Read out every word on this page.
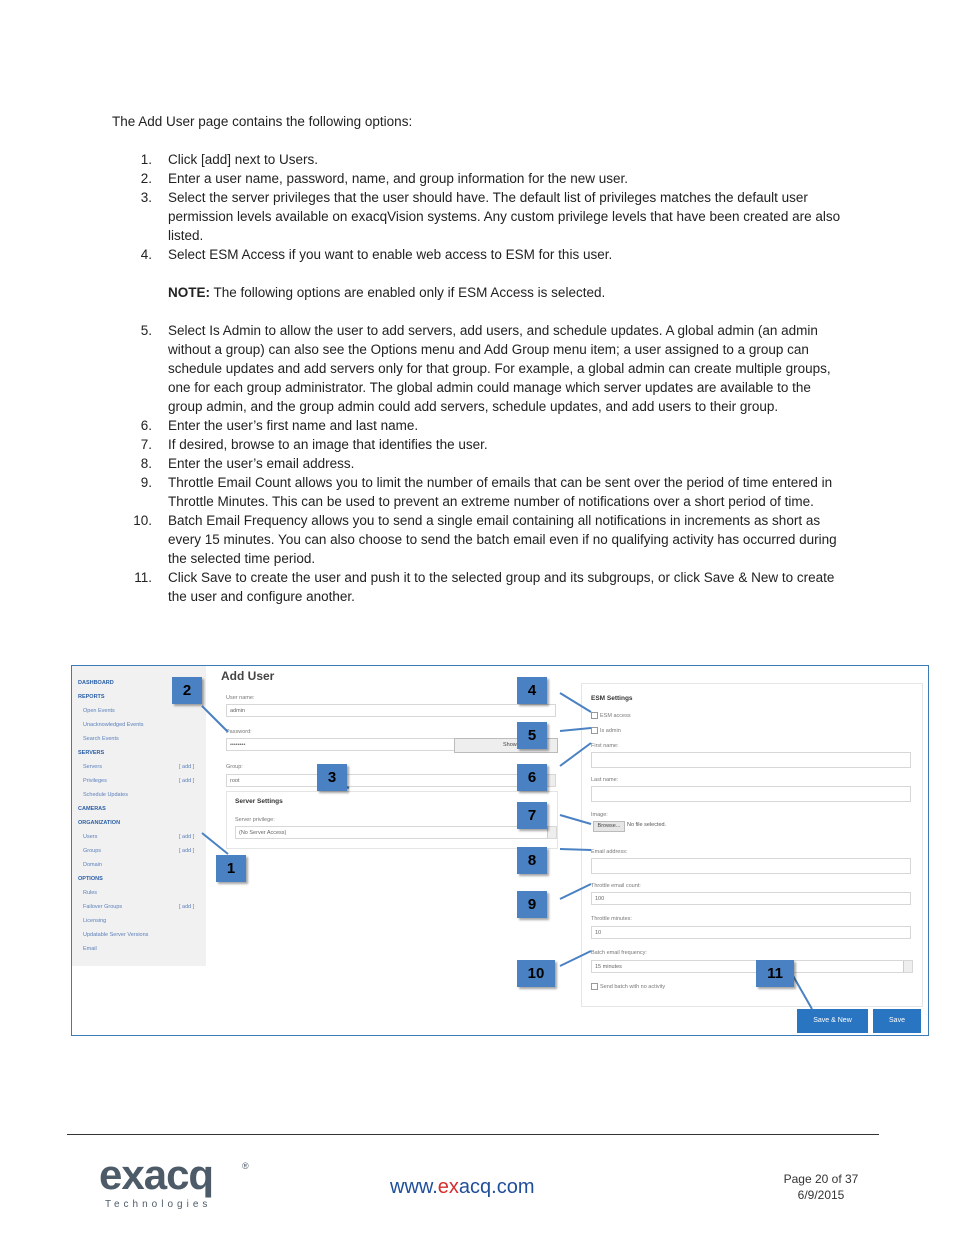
The Add User page contains the following options:
1. Click [add] next to Users.
2. Enter a user name, password, name, and group information for the new user.
3. Select the server privileges that the user should have. The default list of privileges matches the default user permission levels available on exacqVision systems. Any custom privilege levels that have been created are also listed.
4. Select ESM Access if you want to enable web access to ESM for this user.
NOTE: The following options are enabled only if ESM Access is selected.
5. Select Is Admin to allow the user to add servers, add users, and schedule updates. A global admin (an admin without a group) can also see the Options menu and Add Group menu item; a user assigned to a group can schedule updates and add servers only for that group. For example, a global admin can create multiple groups, one for each group administrator. The global admin could manage which server updates are available to the group admin, and the group admin could add servers, schedule updates, and add users to their group.
6. Enter the user’s first name and last name.
7. If desired, browse to an image that identifies the user.
8. Enter the user’s email address.
9. Throttle Email Count allows you to limit the number of emails that can be sent over the period of time entered in Throttle Minutes. This can be used to prevent an extreme number of notifications over a short period of time.
10. Batch Email Frequency allows you to send a single email containing all notifications in increments as short as every 15 minutes. You can also choose to send the batch email even if no qualifying activity has occurred during the selected time period.
11. Click Save to create the user and push it to the selected group and its subgroups, or click Save & New to create the user and configure another.
DASHBOARD
REPORTS
Open Events
Unacknowledged Events
Search Events
SERVERS
Servers	[ add ]
Privileges	[ add ]
Schedule Updates
CAMERAS
ORGANIZATION
Users	[ add ]
Groups	[ add ]
Domain
OPTIONS
Rules
Failover Groups	[ add ]
Licensing
Updatable Server Versions
Email
Add User
User name:
admin
Password:
••••••••	Show
Group:
root
Server Settings
Server privilege:
(No Server Access)
ESM Settings
ESM access
Is admin
First name:
Last name:
Image:
Browse...	No file selected.
Email address:
Throttle email count:
100
Throttle minutes:
10
Batch email frequency:
15 minutes
Send batch with no activity
Save & New	Save
1
2
3
4
5
6
7
8
9
10	11
exacq	®
Technologies
www.exacq.com	Page 20 of 37
6/9/2015
